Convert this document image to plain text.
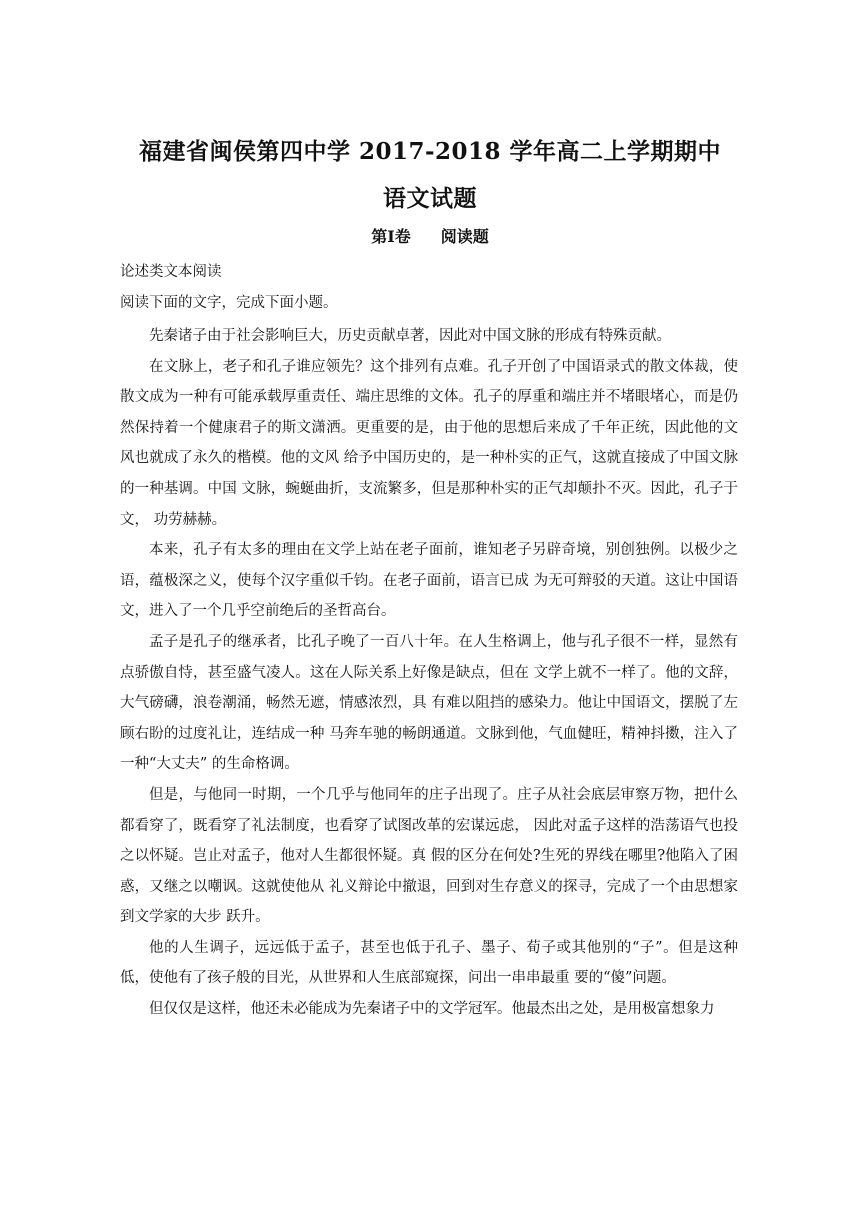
福建省闽侯第四中学 2017-2018 学年高二上学期期中
语文试题
第Ⅰ卷 阅读题
论述类文本阅读
阅读下面的文字，完成下面小题。

先秦诸子由于社会影响巨大，历史贡献卓著，因此对中国文脉的形成有特殊贡献。

在文脉上，老子和孔子谁应领先？这个排列有点难。孔子开创了中国语录式的散文体裁，使散文成为一种有可能承载厚重责任、端庄思维的文体。孔子的厚重和端庄并不堵眼堵心，而是仍然保持着一个健康君子的斯文潇洒。更重要的是，由于他的思想后来成了千年正统，因此他的文风也就成了永久的楷模。他的文风 给予中国历史的，是一种朴实的正气，这就直接成了中国文脉的一种基调。中国 文脉，蜿蜒曲折，支流繁多，但是那种朴实的正气却颠扑不灭。因此，孔子于文， 功劳赫赫。

本来，孔子有太多的理由在文学上站在老子面前，谁知老子另辟奇境，别创独例。以极少之语，蕴极深之义，使每个汉字重似千钧。在老子面前，语言已成 为无可辩驳的天道。这让中国语文，进入了一个几乎空前绝后的圣哲高台。

孟子是孔子的继承者，比孔子晚了一百八十年。在人生格调上，他与孔子很不一样，显然有点骄傲自恃，甚至盛气凌人。这在人际关系上好像是缺点，但在 文学上就不一样了。他的文辞，大气磅礴，浪卷潮涌，畅然无遮，情感浓烈，具 有难以阻挡的感染力。他让中国语文，摆脱了左顾右盼的过度礼让，连结成一种 马奔车驰的畅朗通道。文脉到他，气血健旺，精神抖擞，注入了一种“大丈夫” 的生命格调。

但是，与他同一时期，一个几乎与他同年的庄子出现了。庄子从社会底层审察万物，把什么都看穿了，既看穿了礼法制度，也看穿了试图改革的宏谋远虑， 因此对孟子这样的浩荡语气也投之以怀疑。岂止对孟子，他对人生都很怀疑。真 假的区分在何处?生死的界线在哪里?他陷入了困惑，又继之以嘲讽。这就使他从 礼义辩论中撤退，回到对生存意义的探寻，完成了一个由思想家到文学家的大步 跃升。

他的人生调子，远远低于孟子，甚至也低于孔子、墨子、荀子或其他别的“子”。但是这种低，使他有了孩子般的目光，从世界和人生底部窥探，问出一串串最重 要的“傻”问题。

但仅仅是这样，他还未必能成为先秦诸子中的文学冠军。他最杰出之处，是用极富想象力
